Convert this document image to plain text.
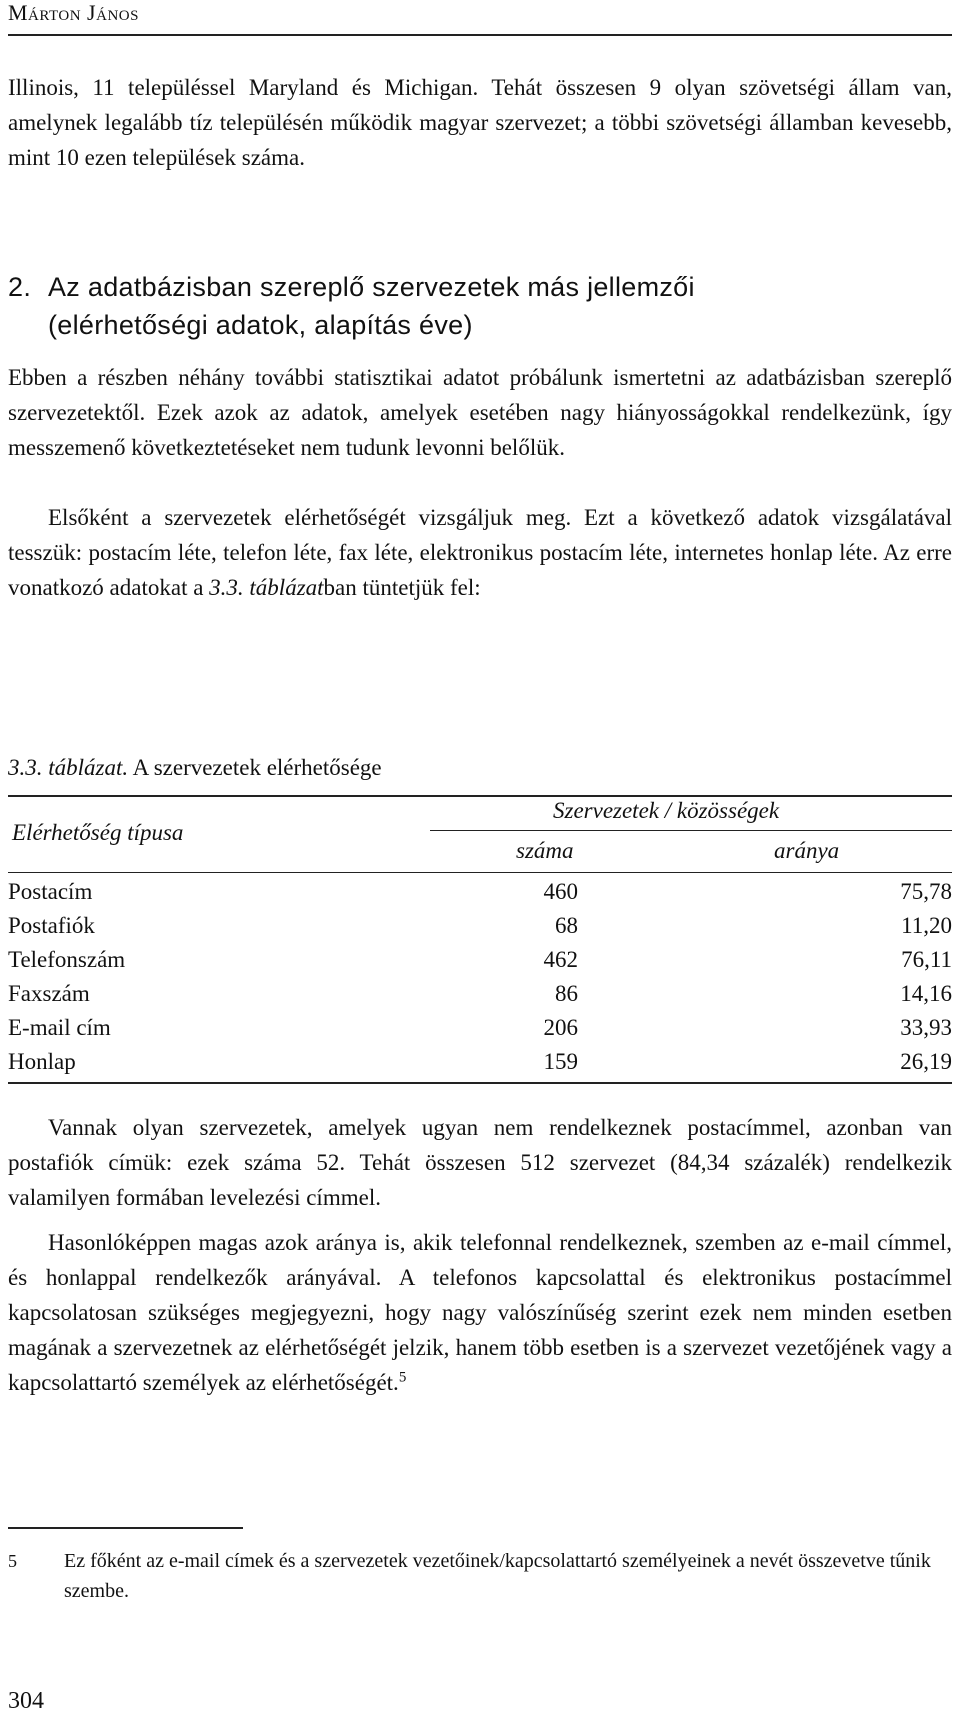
Márton János
Illinois, 11 településsel Maryland és Michigan. Tehát összesen 9 olyan szövetségi állam van, amelynek legalább tíz településén működik magyar szervezet; a többi szövetségi államban kevesebb, mint 10 ezen települések száma.
2. Az adatbázisban szereplő szervezetek más jellemzői
(elérhetőségi adatok, alapítás éve)
Ebben a részben néhány további statisztikai adatot próbálunk ismertetni az adatbázisban szereplő szervezetektől. Ezek azok az adatok, amelyek esetében nagy hiányosságokkal rendelkezünk, így messzemenő következtetéseket nem tudunk levonni belőlük.
Elsőként a szervezetek elérhetőségét vizsgáljuk meg. Ezt a következő adatok vizsgálatával tesszük: postacím léte, telefon léte, fax léte, elektronikus postacím léte, internetes honlap léte. Az erre vonatkozó adatokat a 3.3. táblázatban tüntetjük fel:
3.3. táblázat. A szervezetek elérhetősége
Szervezetek / közösségek
Elérhetőség típusa
száma	aránya
Postacím	460	75,78
Postafiók	68	11,20
Telefonszám	462	76,11
Faxszám	86	14,16
E-mail cím	206	33,93
Honlap	159	26,19
Vannak olyan szervezetek, amelyek ugyan nem rendelkeznek postacímmel, azonban van postafiók címük: ezek száma 52. Tehát összesen 512 szervezet (84,34 százalék) rendelkezik valamilyen formában levelezési címmel.
Hasonlóképpen magas azok aránya is, akik telefonnal rendelkeznek, szemben az e-mail címmel, és honlappal rendelkezők arányával. A telefonos kapcsolattal és elektronikus postacímmel kapcsolatosan szükséges megjegyezni, hogy nagy valószínűség szerint ezek nem minden esetben magának a szervezetnek az elérhetőségét jelzik, hanem több esetben is a szervezet vezetőjének vagy a kapcsolattartó személyek az elérhetőségét.$^5$
5 Ez főként az e-mail címek és a szervezetek vezetőinek/kapcsolattartó személyeinek a nevét összevetve tűnik szembe.
304
